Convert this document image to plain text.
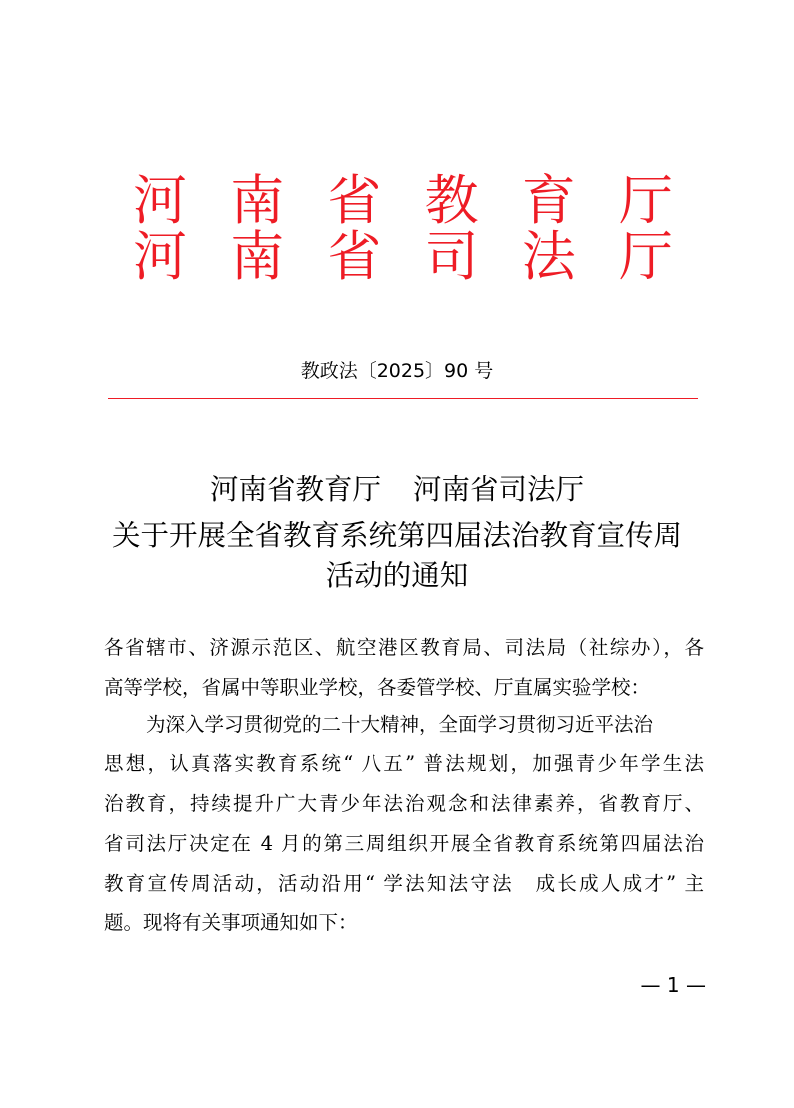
河 南 省 教 育 厅
河 南 省 司 法 厅
教政法〔2025〕90 号
河南省教育厅 河南省司法厅
关于开展全省教育系统第四届法治教育宣传周
活动的通知
各省辖市、济源示范区、航空港区教育局、司法局（社综办），各
高等学校，省属中等职业学校，各委管学校、厅直属实验学校：
为深入学习贯彻党的二十大精神，全面学习贯彻习近平法治
思想，认真落实教育系统“ 八五” 普法规划，加强青少年学生法
治教育，持续提升广大青少年法治观念和法律素养，省教育厅、
省司法厅决定在 4 月的第三周组织开展全省教育系统第四届法治
教育宣传周活动，活动沿用“ 学法知法守法　成长成人成才” 主
题。现将有关事项通知如下：
— 1 —
